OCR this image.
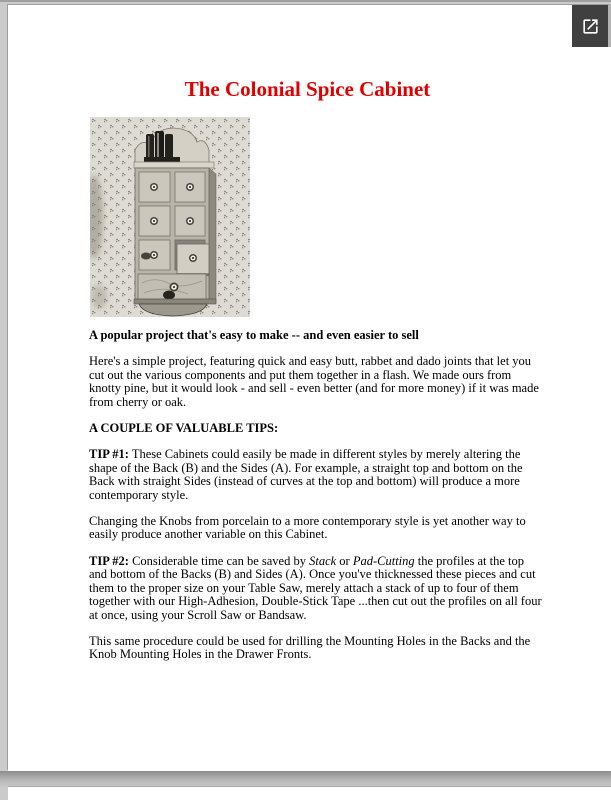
The Colonial Spice Cabinet

A popular project that's easy to make -- and even easier to sell

Here's a simple project, featuring quick and easy butt, rabbet and dado joints that let you cut out the various components and put them together in a flash. We made ours from knotty pine, but it would look - and sell - even better (and for more money) if it was made from cherry or oak.

A COUPLE OF VALUABLE TIPS:

TIP #1: These Cabinets could easily be made in different styles by merely altering the shape of the Back (B) and the Sides (A). For example, a straight top and bottom on the Back with straight Sides (instead of curves at the top and bottom) will produce a more contemporary style.

Changing the Knobs from porcelain to a more contemporary style is yet another way to easily produce another variable on this Cabinet.

TIP #2: Considerable time can be saved by Stack or Pad-Cutting the profiles at the top and bottom of the Backs (B) and Sides (A). Once you've thicknessed these pieces and cut them to the proper size on your Table Saw, merely attach a stack of up to four of them together with our High-Adhesion, Double-Stick Tape ...then cut out the profiles on all four at once, using your Scroll Saw or Bandsaw.

This same procedure could be used for drilling the Mounting Holes in the Backs and the Knob Mounting Holes in the Drawer Fronts.
